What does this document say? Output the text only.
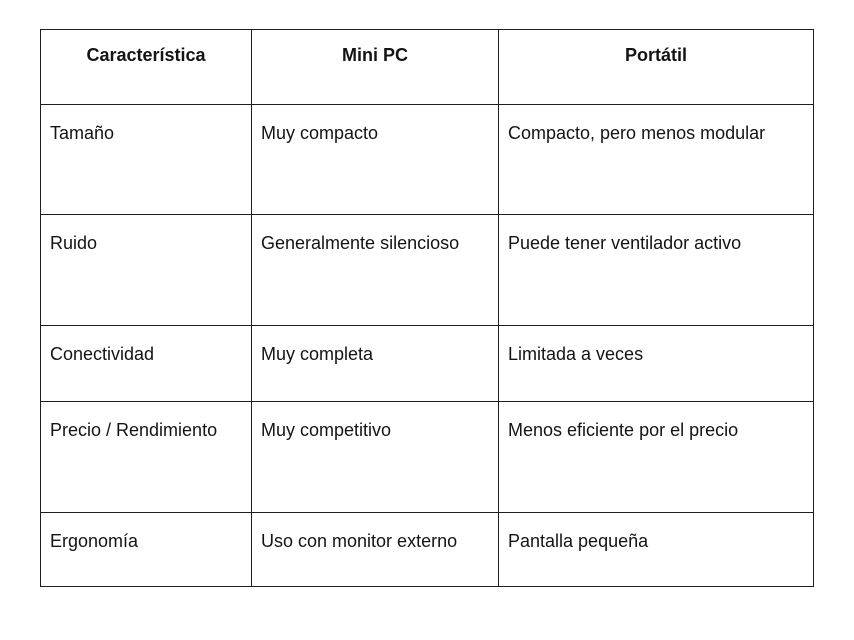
Característica	Mini PC	Portátil
Tamaño	Muy compacto	Compacto, pero menos modular
Ruido	Generalmente silencioso	Puede tener ventilador activo
Conectividad	Muy completa	Limitada a veces
Precio / Rendimiento	Muy competitivo	Menos eficiente por el precio
Ergonomía	Uso con monitor externo	Pantalla pequeña
